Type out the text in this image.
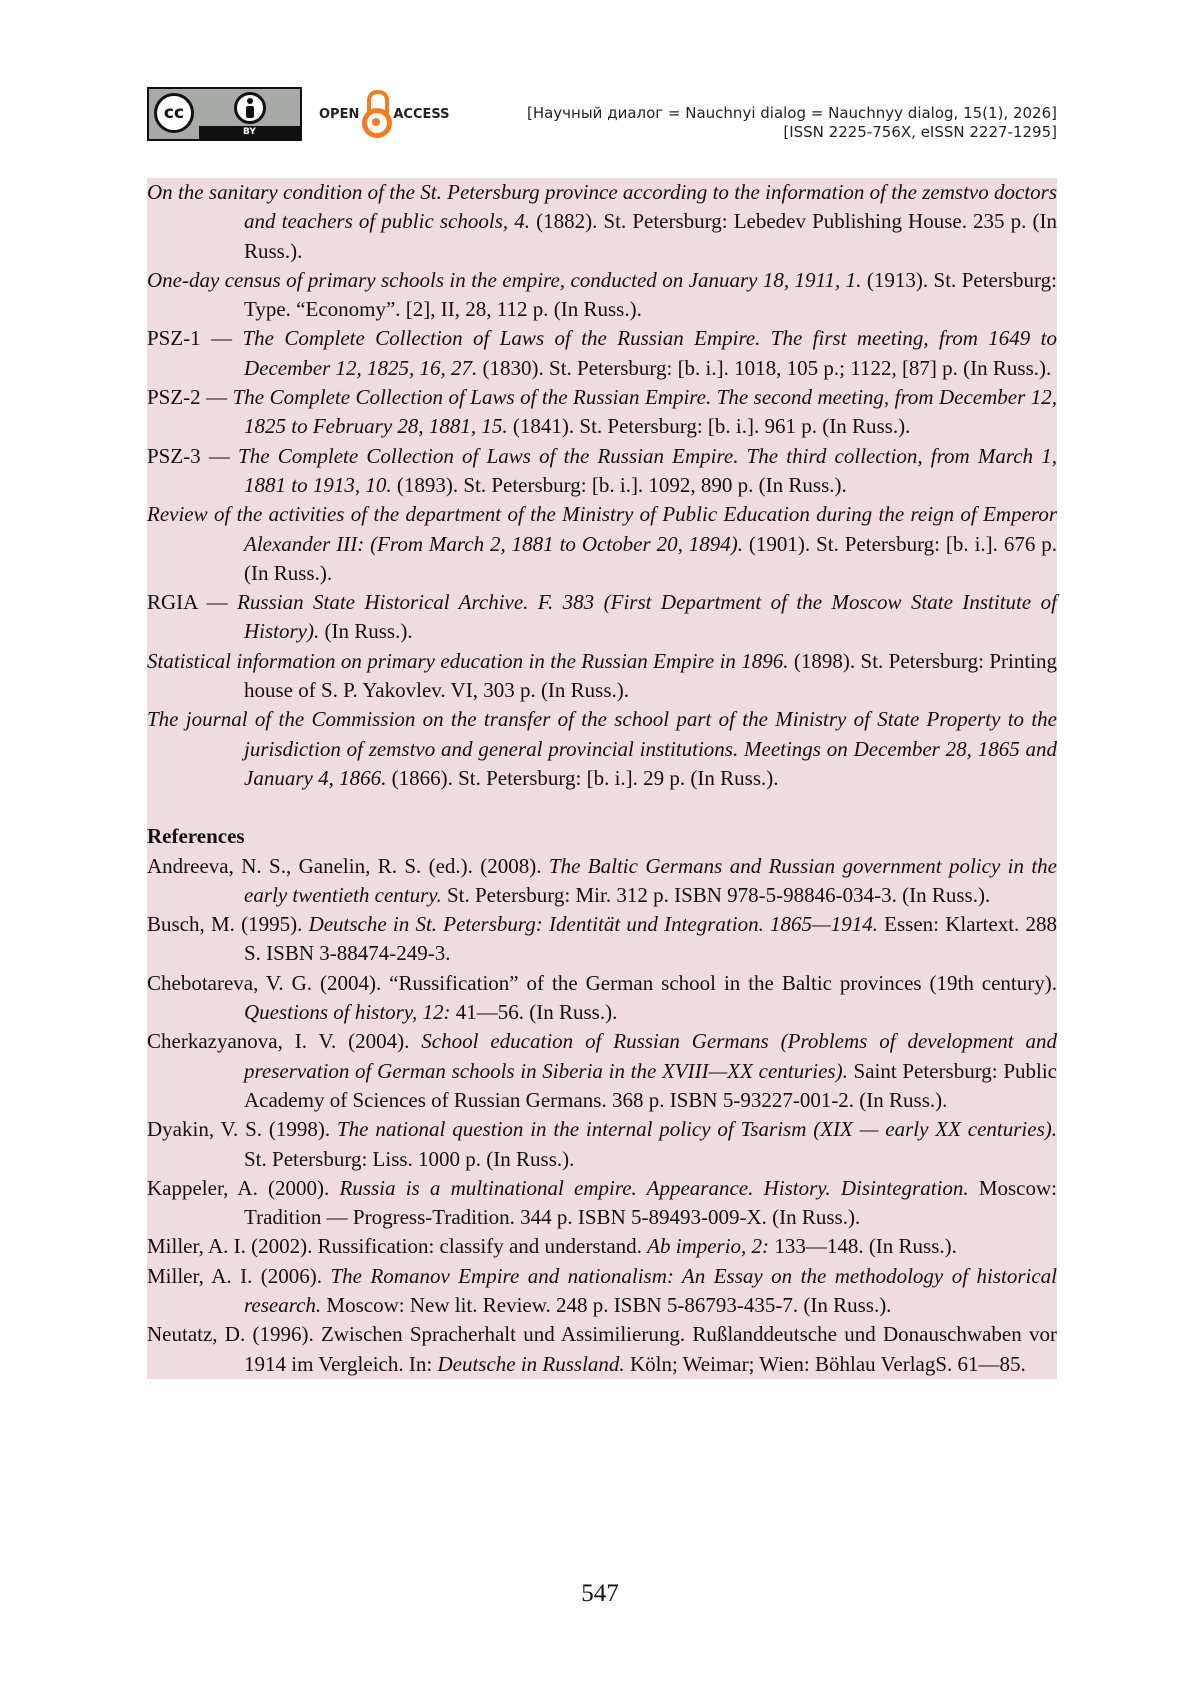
cc
BY
OPEN	ACCESS	[Научный диалог = Nauchnyi dialog = Nauchnyy dialog, 15(1), 2026]
[ISSN 2225-756X, eISSN 2227-1295]

On the sanitary condition of the St. Petersburg province according to the information of the zemstvo doctors and teachers of public schools, 4. (1882). St. Petersburg: Lebedev Publishing House. 235 p. (In Russ.).

One-day census of primary schools in the empire, conducted on January 18, 1911, 1. (1913). St. Petersburg: Type. “Economy”. [2], II, 28, 112 p. (In Russ.).

PSZ-1 — The Complete Collection of Laws of the Russian Empire. The first meeting, from 1649 to December 12, 1825, 16, 27. (1830). St. Petersburg: [b. i.]. 1018, 105 p.; 1122, [87] p. (In Russ.).

PSZ-2 — The Complete Collection of Laws of the Russian Empire. The second meeting, from December 12, 1825 to February 28, 1881, 15. (1841). St. Petersburg: [b. i.]. 961 p. (In Russ.).

PSZ-3 — The Complete Collection of Laws of the Russian Empire. The third collection, from March 1, 1881 to 1913, 10. (1893). St. Petersburg: [b. i.]. 1092, 890 p. (In Russ.).

Review of the activities of the department of the Ministry of Public Education during the reign of Emperor Alexander III: (From March 2, 1881 to October 20, 1894). (1901). St. Petersburg: [b. i.]. 676 p. (In Russ.).

RGIA — Russian State Historical Archive. F. 383 (First Department of the Moscow State Institute of History). (In Russ.).

Statistical information on primary education in the Russian Empire in 1896. (1898). St. Petersburg: Printing house of S. P. Yakovlev. VI, 303 p. (In Russ.).

The journal of the Commission on the transfer of the school part of the Ministry of State Property to the jurisdiction of zemstvo and general provincial institutions. Meetings on December 28, 1865 and January 4, 1866. (1866). St. Petersburg: [b. i.]. 29 p. (In Russ.).

References

Andreeva, N. S., Ganelin, R. S. (ed.). (2008). The Baltic Germans and Russian government policy in the early twentieth century. St. Petersburg: Mir. 312 p. ISBN 978-5-98846-034-3. (In Russ.).

Busch, M. (1995). Deutsche in St. Petersburg: Identität und Integration. 1865—1914. Essen: Klartext. 288 S. ISBN 3-88474-249-3.

Chebotareva, V. G. (2004). “Russification” of the German school in the Baltic provinces (19th century). Questions of history, 12: 41—56. (In Russ.).

Cherkazyanova, I. V. (2004). School education of Russian Germans (Problems of development and preservation of German schools in Siberia in the XVIII—XX centuries). Saint Petersburg: Public Academy of Sciences of Russian Germans. 368 p. ISBN 5-93227-001-2. (In Russ.).

Dyakin, V. S. (1998). The national question in the internal policy of Tsarism (XIX — early XX centuries). St. Petersburg: Liss. 1000 p. (In Russ.).

Kappeler, A. (2000). Russia is a multinational empire. Appearance. History. Disintegration. Moscow: Tradition — Progress-Tradition. 344 p. ISBN 5-89493-009-X. (In Russ.).

Miller, A. I. (2002). Russification: classify and understand. Ab imperio, 2: 133—148. (In Russ.).

Miller, A. I. (2006). The Romanov Empire and nationalism: An Essay on the methodology of historical research. Moscow: New lit. Review. 248 p. ISBN 5-86793-435-7. (In Russ.).

Neutatz, D. (1996). Zwischen Spracherhalt und Assimilierung. Rußlanddeutsche und Donauschwaben vor 1914 im Vergleich. In: Deutsche in Russland. Köln; Weimar; Wien: Böhlau VerlagS. 61—85.

547
